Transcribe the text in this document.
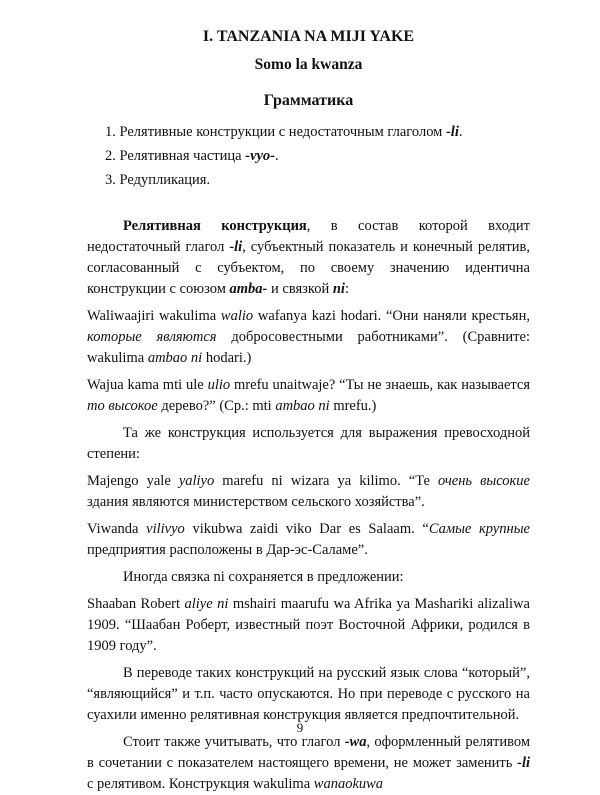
I. TANZANIA NA MIJI YAKE
Somo la kwanza
Грамматика
1. Релятивные конструкции с недостаточным глаголом -li.
2. Релятивная частица -vyo-.
3. Редупликация.

Релятивная конструкция, в состав которой входит недостаточный глагол -li, субъектный показатель и конечный релятив, согласованный с субъектом, по своему значению идентична конструкции с союзом amba- и связкой ni:

Waliwaajiri wakulima walio wafanya kazi hodari. “Они наняли крестьян, которые являются добросовестными работниками”. (Сравните: wakulima ambao ni hodari.)

Wajua kama mti ule ulio mrefu unaitwaje? “Ты не знаешь, как называется то высокое дерево?” (Ср.: mti ambao ni mrefu.)

Та же конструкция используется для выражения превосходной степени:

Majengo yale yaliyo marefu ni wizara ya kilimo. “Те очень высокие здания являются министерством сельского хозяйства”.

Viwanda vilivyo vikubwa zaidi viko Dar es Salaam. “Самые крупные предприятия расположены в Дар-эс-Саламе”.

Иногда связка ni сохраняется в предложении:

Shaaban Robert aliye ni mshairi maarufu wa Afrika ya Mashariki alizaliwa 1909. “Шаабан Роберт, известный поэт Восточной Африки, родился в 1909 году”.

В переводе таких конструкций на русский язык слова “который”, “являющийся” и т.п. часто опускаются. Но при переводе с русского на суахили именно релятивная конструкция является предпочтительной.

Стоит также учитывать, что глагол -wa, оформленный релятивом в сочетании с показателем настоящего времени, не может заменить -li с релятивом. Конструкция wakulima wanaokuwa

9
